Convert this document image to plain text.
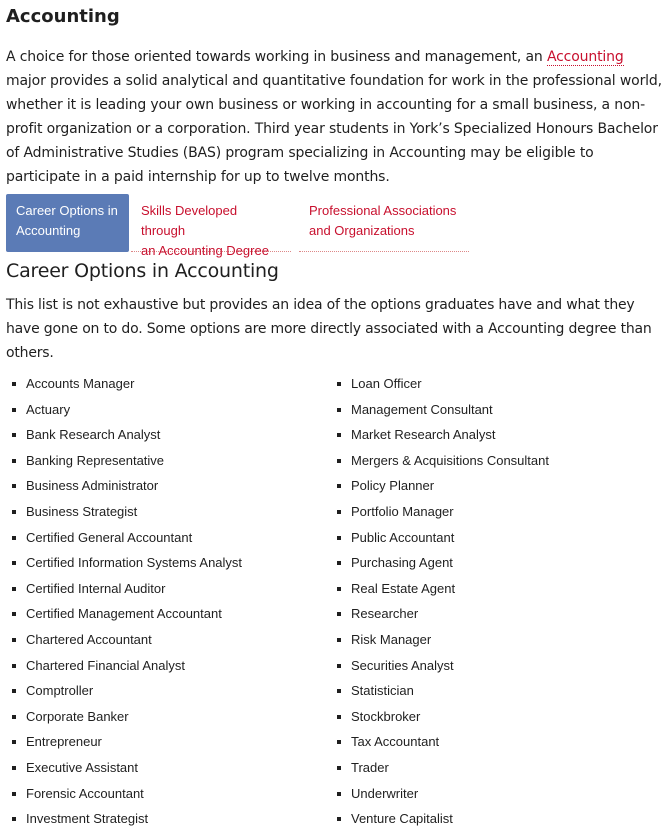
Accounting

A choice for those oriented towards working in business and management, an Accounting major provides a solid analytical and quantitative foundation for work in the professional world, whether it is leading your own business or working in accounting for a small business, a non-profit organization or a corporation. Third year students in York’s Specialized Honours Bachelor of Administrative Studies (BAS) program specializing in Accounting may be eligible to participate in a paid internship for up to twelve months.

Career Options in
Accounting
Skills Developed through
an Accounting Degree
Professional Associations
and Organizations
Career Options in Accounting

This list is not exhaustive but provides an idea of the options graduates have and what they have gone on to do. Some options are more directly associated with a Accounting degree than others.

Accounts Manager
Actuary
Bank Research Analyst
Banking Representative
Business Administrator
Business Strategist
Certified General Accountant
Certified Information Systems Analyst
Certified Internal Auditor
Certified Management Accountant
Chartered Accountant
Chartered Financial Analyst
Comptroller
Corporate Banker
Entrepreneur
Executive Assistant
Forensic Accountant
Investment Strategist
Loan Officer
Management Consultant
Market Research Analyst
Mergers & Acquisitions Consultant
Policy Planner
Portfolio Manager
Public Accountant
Purchasing Agent
Real Estate Agent
Researcher
Risk Manager
Securities Analyst
Statistician
Stockbroker
Tax Accountant
Trader
Underwriter
Venture Capitalist
